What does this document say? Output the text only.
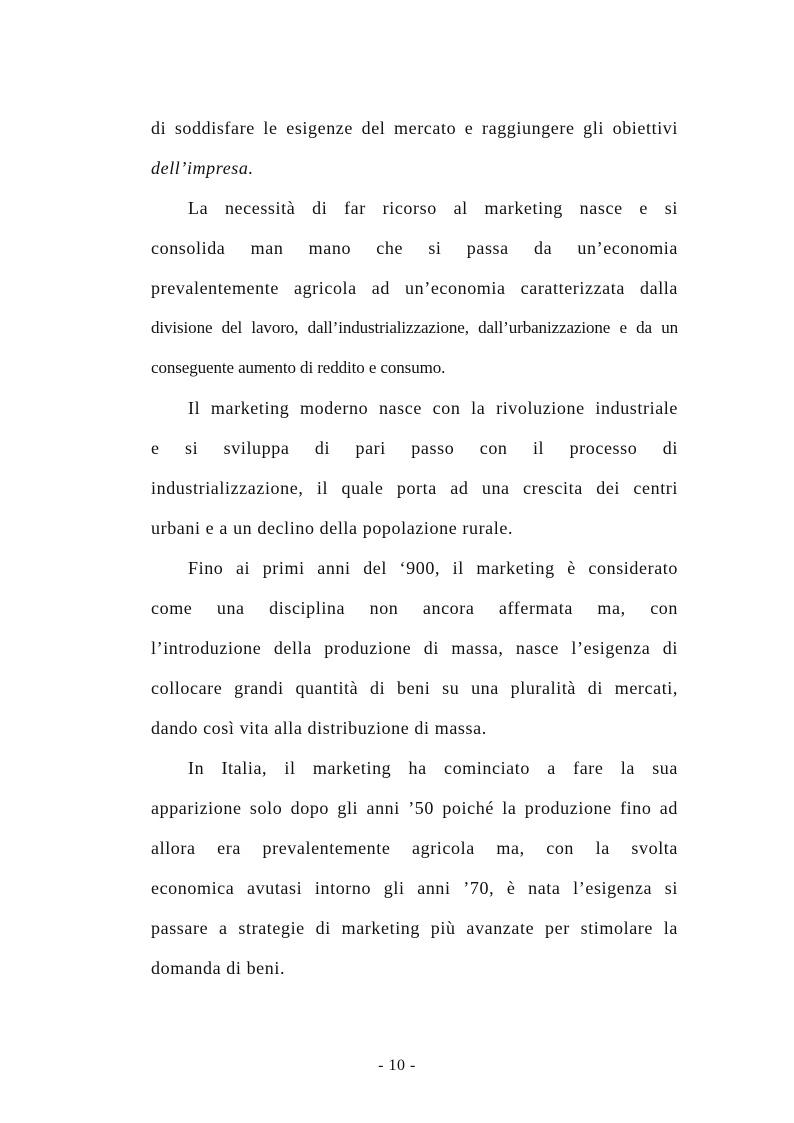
di soddisfare le esigenze del mercato e raggiungere gli obiettivi
dell’impresa.
La necessità di far ricorso al marketing nasce e si
consolida man mano che si passa da un’economia
prevalentemente agricola ad un’economia caratterizzata dalla
divisione del lavoro, dall’industrializzazione, dall’urbanizzazione e da un
conseguente aumento di reddito e consumo.
Il marketing moderno nasce con la rivoluzione industriale
e si sviluppa di pari passo con il processo di
industrializzazione, il quale porta ad una crescita dei centri
urbani e a un declino della popolazione rurale.
Fino ai primi anni del ‘900, il marketing è considerato
come una disciplina non ancora affermata ma, con
l’introduzione della produzione di massa, nasce l’esigenza di
collocare grandi quantità di beni su una pluralità di mercati,
dando così vita alla distribuzione di massa.
In Italia, il marketing ha cominciato a fare la sua
apparizione solo dopo gli anni ’50 poiché la produzione fino ad
allora era prevalentemente agricola ma, con la svolta
economica avutasi intorno gli anni ’70, è nata l’esigenza si
passare a strategie di marketing più avanzate per stimolare la
domanda di beni.
- 10 -
